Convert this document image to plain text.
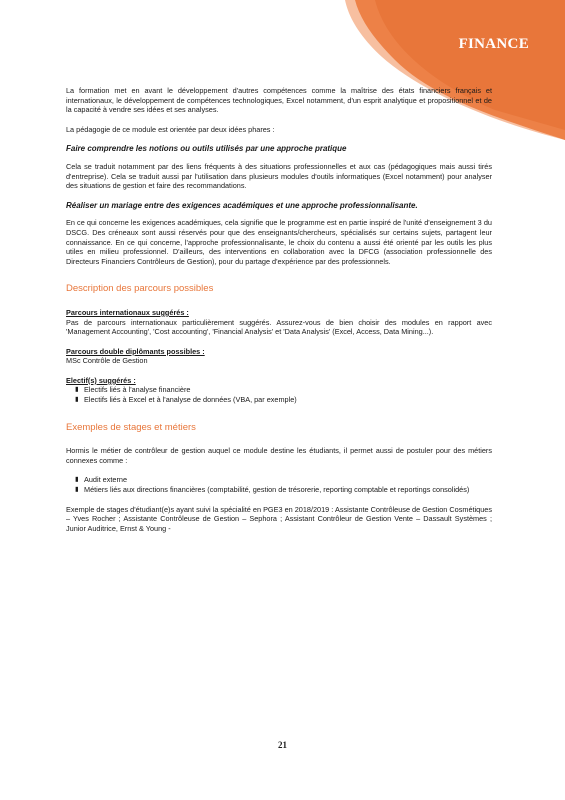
FINANCE

La formation met en avant le développement d'autres compétences comme la maîtrise des états financiers français et internationaux, le développement de compétences technologiques, Excel notamment, d'un esprit analytique et propositionnel et de la capacité à vendre ses idées et ses analyses.

La pédagogie de ce module est orientée par deux idées phares :

Faire comprendre les notions ou outils utilisés par une approche pratique

Cela se traduit notamment par des liens fréquents à des situations professionnelles et aux cas (pédagogiques mais aussi tirés d'entreprise). Cela se traduit aussi par l'utilisation dans plusieurs modules d'outils informatiques (Excel notamment) pour analyser des situations de gestion et faire des recommandations.

Réaliser un mariage entre des exigences académiques et une approche professionnalisante.

En ce qui concerne les exigences académiques, cela signifie que le programme est en partie inspiré de l'unité d'enseignement 3 du DSCG. Des créneaux sont aussi réservés pour que des enseignants/chercheurs, spécialisés sur certains sujets, partagent leur connaissance. En ce qui concerne, l'approche professionnalisante, le choix du contenu a aussi été orienté par les outils les plus utiles en milieu professionnel. D'ailleurs, des interventions en collaboration avec la DFCG (association professionnelle des Directeurs Financiers Contrôleurs de Gestion), pour du partage d'expérience par des professionnels.

Description des parcours possibles

Parcours internationaux suggérés :

Pas de parcours internationaux particulièrement suggérés. Assurez-vous de bien choisir des modules en rapport avec 'Management Accounting', 'Cost accounting', 'Financial Analysis' et 'Data Analysis' (Excel, Access, Data Mining...).

Parcours double diplômants possibles :

MSc Contrôle de Gestion

Electif(s) suggérés :

▮ Electifs liés à l'analyse financière
▮ Electifs liés à Excel et à l'analyse de données (VBA, par exemple)
Exemples de stages et métiers

Hormis le métier de contrôleur de gestion auquel ce module destine les étudiants, il permet aussi de postuler pour des métiers connexes comme :

▮ Audit externe
▮ Métiers liés aux directions financières (comptabilité, gestion de trésorerie, reporting comptable et reportings consolidés)

Exemple de stages d'étudiant(e)s ayant suivi la spécialité en PGE3 en 2018/2019 : Assistante Contrôleuse de Gestion Cosmétiques – Yves Rocher ; Assistante Contrôleuse de Gestion – Sephora ; Assistant Contrôleur de Gestion Vente – Dassault Systèmes ; Junior Auditrice, Ernst & Young -

21
